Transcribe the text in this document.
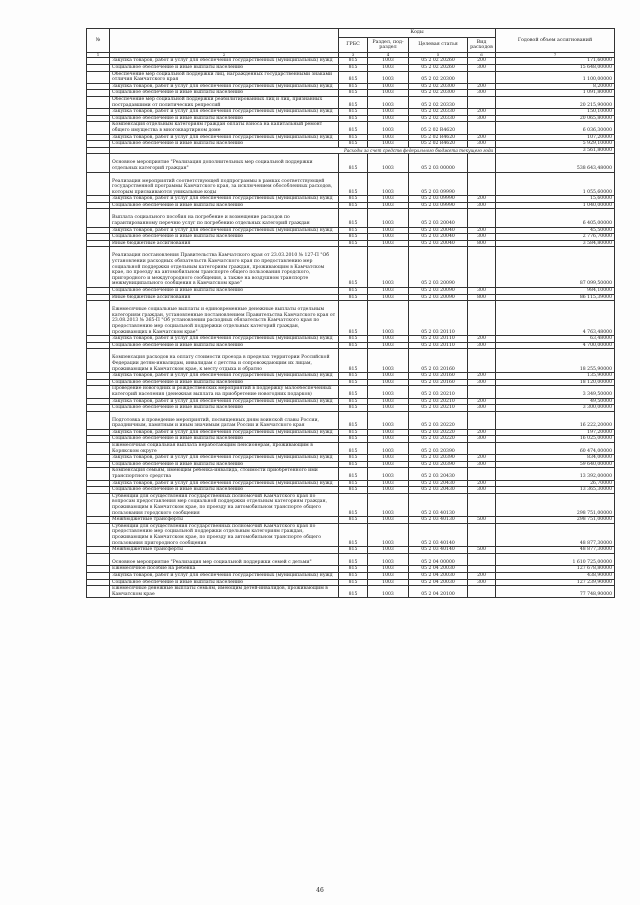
№		Коды				Годовой объем ассигнований
		ГРБС	Раздел, под-раздел	Целевая статья	Вид расходов	
1	2	3	4	5	6	7
	Закупка товаров, работ и услуг для обеспечения государственных (муниципальных) нужд	815	1003	05 2 02 20260	200	171,60000
	Социальное обеспечение и иные выплаты населению	815	1003	05 2 02 20260	300	15 648,00000
	Обеспечение мер социальной поддержки лиц, награжденных государственными знаками отличия Камчатского края	815	1003	05 2 02 20300		1 100,00000
	Закупка товаров, работ и услуг для обеспечения государственных (муниципальных) нужд	815	1003	05 2 02 20300	200	8,20000
	Социальное обеспечение и иные выплаты населению	815	1003	05 2 02 20300	300	1 091,80000
	Обеспечение мер социальной поддержки реабилитированных лиц и лиц, признанных пострадавшими от политических репрессий	815	1003	05 2 02 20330		20 215,90000
	Закупка товаров, работ и услуг для обеспечения государственных (муниципальных) нужд	815	1003	05 2 02 20330	200	150,10000
	Социальное обеспечение и иные выплаты населению	815	1003	05 2 02 20330	300	20 065,80000
	Компенсация отдельным категориям граждан оплаты взноса на капитальный ремонт общего имущества в многоквартирном доме	815	1003	05 2 02 R4620		6 036,30000
	Закупка товаров, работ и услуг для обеспечения государственных (муниципальных) нужд	815	1003	05 2 02 R4620	200	107,20000
	Социальное обеспечение и иные выплаты населению	815	1003	05 2 02 R4620	300	5 929,10000
	Расходы за счет средств федерального бюджета текущего года					3 561,80000
	Основное мероприятие "Реализация дополнительных мер социальной поддержки отдельных категорий граждан"	815	1003	05 2 03 00000		538 643,48000
	Реализация мероприятий соответствующей подпрограммы в рамках соответствующей государственной программы Камчатского края, за исключением обособленных расходов, которым присваиваются уникальные коды	815	1003	05 2 03 09990		1 055,60000
	Закупка товаров, работ и услуг для обеспечения государственных (муниципальных) нужд	815	1003	05 2 03 09990	200	15,60000
	Социальное обеспечение и иные выплаты населению	815	1003	05 2 03 09990	300	1 040,00000
	Выплата социального пособия на погребение и возмещение расходов по гарантированному перечню услуг по погребению отдельных категорий граждан	815	1003	05 2 03 20040		6 405,00000
	Закупка товаров, работ и услуг для обеспечения государственных (муниципальных) нужд	815	1003	05 2 03 20040	200	45,50000
	Социальное обеспечение и иные выплаты населению	815	1003	05 2 03 20040	300	2 776,70000
	Иные бюджетные ассигнования	815	1003	05 2 03 20040	800	3 584,80000
	Реализация постановления Правительства Камчатского края от 23.03.2010 № 127-П "Об установлении расходных обязательств Камчатского края по предоставлению мер социальной поддержки отдельным категориям граждан, проживающим в Камчатском крае, по проезду на автомобильном транспорте общего пользования городского, пригородного и междугородного сообщения, а также на воздушном транспорте межмуниципального сообщения в Камчатском крае"	815	1003	05 2 03 20090		87 099,50000
	Социальное обеспечение и иные выплаты населению	815	1003	05 2 03 20090	300	984,10000
	Иные бюджетные ассигнования	815	1003	05 2 03 20090	800	86 115,39000
	Ежемесячные социальные выплаты и единовременные денежные выплаты отдельным категориям граждан, установленные постановлением Правительства Камчатского края от 23.08.2013 № 365-П "Об установлении расходных обязательств Камчатского края по предоставлению мер социальной поддержки отдельных категорий граждан, проживающих в Камчатском крае"	815	1003	05 2 03 20110		4 763,48000
	Закупка товаров, работ и услуг для обеспечения государственных (муниципальных) нужд	815	1003	05 2 03 20110	200	63,48000
	Социальное обеспечение и иные выплаты населению	815	1003	05 2 03 20110	300	4 700,00000
	Компенсация расходов на оплату стоимости проезда в пределах территории Российской Федерации детям-инвалидам, инвалидам с детства и сопровождающим их лицам, проживающим в Камчатском крае, к месту отдыха и обратно	815	1003	05 2 03 20160		18 255,90000
	Закупка товаров, работ и услуг для обеспечения государственных (муниципальных) нужд	815	1003	05 2 03 20160	200	135,90000
	Социальное обеспечение и иные выплаты населению	815	1003	05 2 03 20160	300	18 120,00000
	Проведение новогодних и рождественских мероприятий в поддержку малообеспеченных категорий населения (денежная выплата на приобретение новогодних подарков)	815	1003	05 2 03 20210		3 349,50000
	Закупка товаров, работ и услуг для обеспечения государственных (муниципальных) нужд	815	1003	05 2 03 20210	200	49,50000
	Социальное обеспечение и иные выплаты населению	815	1003	05 2 03 20210	300	3 300,00000
	Подготовка и проведение мероприятий, посвященных дням воинской славы России, праздничным, памятным и иным значимым датам России и Камчатского края	815	1003	05 2 03 20220		16 222,20000
	Закупка товаров, работ и услуг для обеспечения государственных (муниципальных) нужд	815	1003	05 2 03 20220	200	197,20000
	Социальное обеспечение и иные выплаты населению	815	1003	05 2 03 20220	300	16 025,00000
	Ежемесячная социальная выплата неработающим пенсионерам, проживающим в Корякском округе	815	1003	05 2 03 20390		60 474,00000
	Закупка товаров, работ и услуг для обеспечения государственных (муниципальных) нужд	815	1003	05 2 03 20390	200	834,00000
	Социальное обеспечение и иные выплаты населению	815	1003	05 2 03 20390	300	59 640,00000
	Компенсация семьям, имеющим ребенка-инвалида, стоимости приобретенного ими транспортного средства	815	1003	05 2 03 20430		13 392,00000
	Закупка товаров, работ и услуг для обеспечения государственных (муниципальных) нужд	815	1003	05 2 03 20430	200	26,70000
	Социальное обеспечение и иные выплаты населению	815	1003	05 2 03 20430	300	13 365,30000
	Субвенции для осуществления государственных полномочий Камчатского края по вопросам предоставления мер социальной поддержки отдельным категориям граждан, проживающим в Камчатском крае, по проезду на автомобильном транспорте общего пользования городского сообщения	815	1003	05 2 03 40130		298 751,00000
	Межбюджетные трансферты	815	1003	05 2 03 40130	500	298 751,00000
	Субвенции для осуществления государственных полномочий Камчатского края по предоставлению мер социальной поддержки отдельным категориям граждан, проживающим в Камчатском крае, по проезду на автомобильном транспорте общего пользования пригородного сообщения	815	1003	05 2 03 40140		48 877,30000
	Межбюджетные трансферты	815	1003	05 2 03 40140	500	48 877,30000
	Основное мероприятие "Реализация мер социальной поддержки семей с детьми"	815	1003	05 2 04 00000		1 610 725,00000
	Ежемесячное пособие на ребенка	815	1003	05 2 04 20030		127 678,80000
	Закупка товаров, работ и услуг для обеспечения государственных (муниципальных) нужд	815	1003	05 2 04 20030	200	438,90000
	Социальное обеспечение и иные выплаты населению	815	1003	05 2 04 20030	300	127 239,90000
	Ежемесячные денежные выплаты семьям, имеющим детей-инвалидов, проживающим в Камчатском крае	815	1003	05 2 04 20100		77 748,90000
46
